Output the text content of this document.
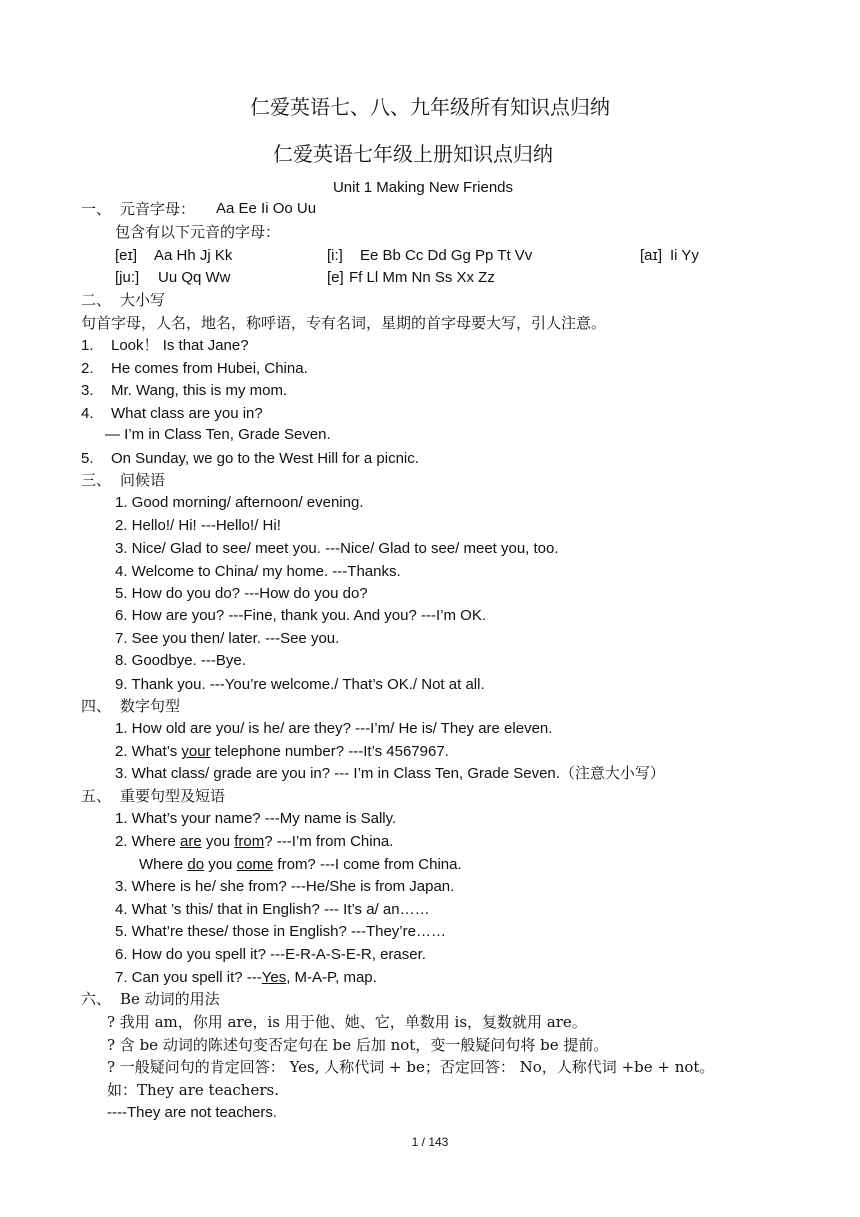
仁爱英语七、八、九年级所有知识点归纳
仁爱英语七年级上册知识点归纳
Unit 1 Making New Friends
一、 元音字母： Aa Ee Ii Oo Uu
包含有以下元音的字母：
[eɪ] Aa Hh Jj Kk	[i:] Ee Bb Cc Dd Gg Pp Tt Vv	[aɪ] Ii Yy
[ju:] Uu Qq Ww	[e] Ff Ll Mm Nn Ss Xx Zz
二、 大小写
句首字母，人名，地名，称呼语，专有名词，星期的首字母要大写，引人注意。
1. Look！ Is that Jane?
2. He comes from Hubei, China.
3. Mr. Wang, this is my mom.
4. What class are you in?
— I’m in Class Ten, Grade Seven.
5. On Sunday, we go to the West Hill for a picnic.
三、 问候语
1. Good morning/ afternoon/ evening.
2. Hello!/ Hi! ---Hello!/ Hi!
3. Nice/ Glad to see/ meet you. ---Nice/ Glad to see/ meet you, too.
4. Welcome to China/ my home. ---Thanks.
5. How do you do? ---How do you do?
6. How are you? ---Fine, thank you. And you? ---I’m OK.
7. See you then/ later. ---See you.
8. Goodbye. ---Bye.
9. Thank you. ---You’re welcome./ That’s OK./ Not at all.
四、 数字句型
1. How old are you/ is he/ are they? ---I’m/ He is/ They are eleven.
2. What’s your telephone number? ---It’s 4567967.
3. What class/ grade are you in? --- I’m in Class Ten, Grade Seven.（注意大小写）
五、 重要句型及短语
1. What’s your name? ---My name is Sally.
2. Where are you from? ---I’m from China.
Where do you come from? ---I come from China.
3. Where is he/ she from? ---He/She is from Japan.
4. What ’s this/ that in English? --- It’s a/ an……
5. What’re these/ those in English? ---They’re……
6. How do you spell it? ---E-R-A-S-E-R, eraser.
7. Can you spell it? ---Yes, M-A-P, map.
六、 Be 动词的用法
? 我用 am，你用 are，is 用于他、她、它，单数用 is，复数就用 are。
? 含 be 动词的陈述句变否定句在 be 后加 not，变一般疑问句将 be 提前。
? 一般疑问句的肯定回答： Yes, 人称代词 + be；否定回答： No，人称代词 +be + not。
如：They are teachers.
----They are not teachers.
1 / 143
